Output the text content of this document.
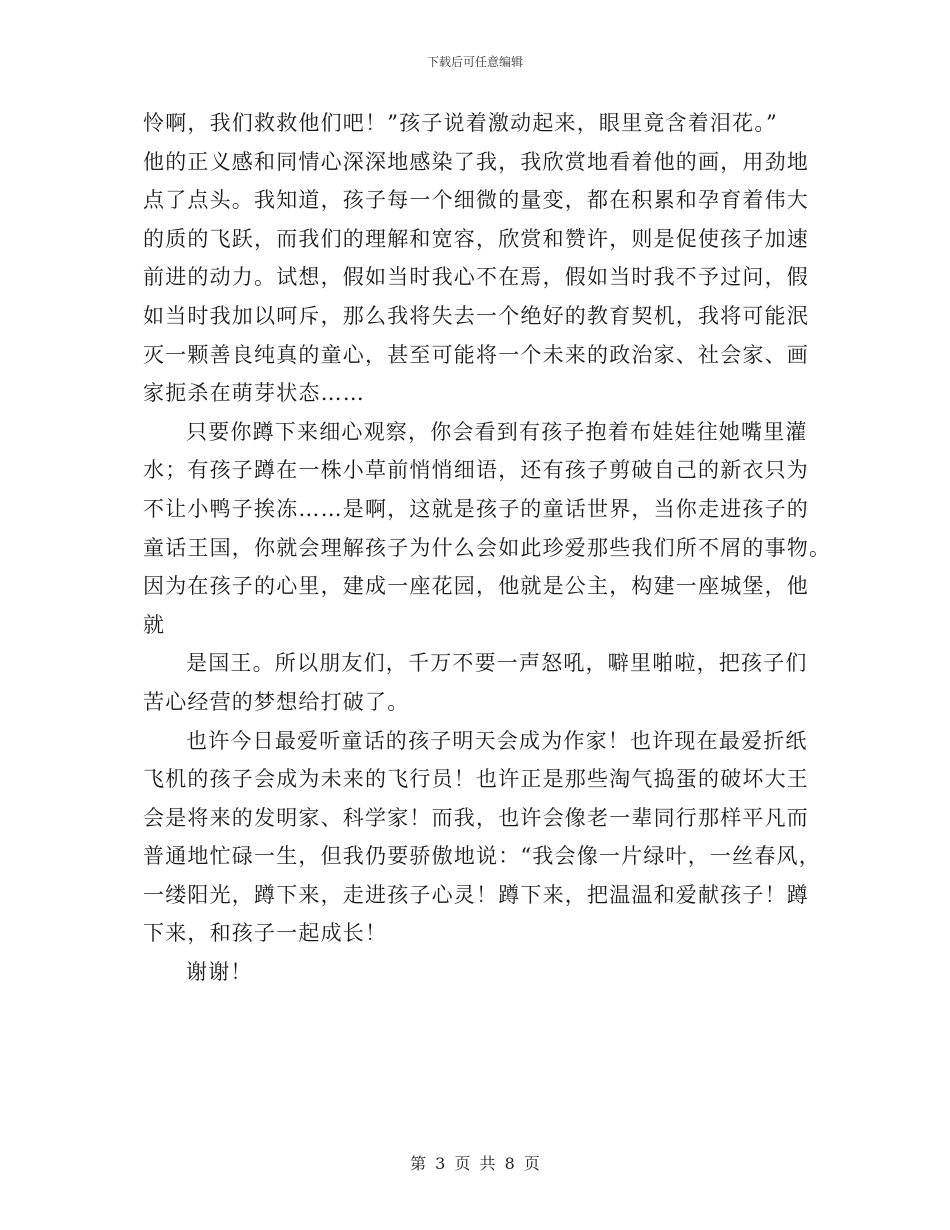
下载后可任意编辑
怜啊，我们救救他们吧！”孩子说着激动起来，眼里竟含着泪花。”
他的正义感和同情心深深地感染了我，我欣赏地看着他的画，用劲地
点了点头。我知道，孩子每一个细微的量变，都在积累和孕育着伟大
的质的飞跃，而我们的理解和宽容，欣赏和赞许，则是促使孩子加速
前进的动力。试想，假如当时我心不在焉，假如当时我不予过问，假
如当时我加以呵斥，那么我将失去一个绝好的教育契机，我将可能泯
灭一颗善良纯真的童心，甚至可能将一个未来的政治家、社会家、画
家扼杀在萌芽状态……
只要你蹲下来细心观察，你会看到有孩子抱着布娃娃往她嘴里灌
水；有孩子蹲在一株小草前悄悄细语，还有孩子剪破自己的新衣只为
不让小鸭子挨冻……是啊，这就是孩子的童话世界，当你走进孩子的
童话王国，你就会理解孩子为什么会如此珍爱那些我们所不屑的事物。
因为在孩子的心里，建成一座花园，他就是公主，构建一座城堡，他
就
是国王。所以朋友们，千万不要一声怒吼，噼里啪啦，把孩子们
苦心经营的梦想给打破了。
也许今日最爱听童话的孩子明天会成为作家！也许现在最爱折纸
飞机的孩子会成为未来的飞行员！也许正是那些淘气捣蛋的破坏大王
会是将来的发明家、科学家！而我，也许会像老一辈同行那样平凡而
普通地忙碌一生，但我仍要骄傲地说：“我会像一片绿叶，一丝春风，
一缕阳光，蹲下来，走进孩子心灵！蹲下来，把温温和爱献孩子！蹲
下来，和孩子一起成长！
谢谢！
第 3 页 共 8 页
